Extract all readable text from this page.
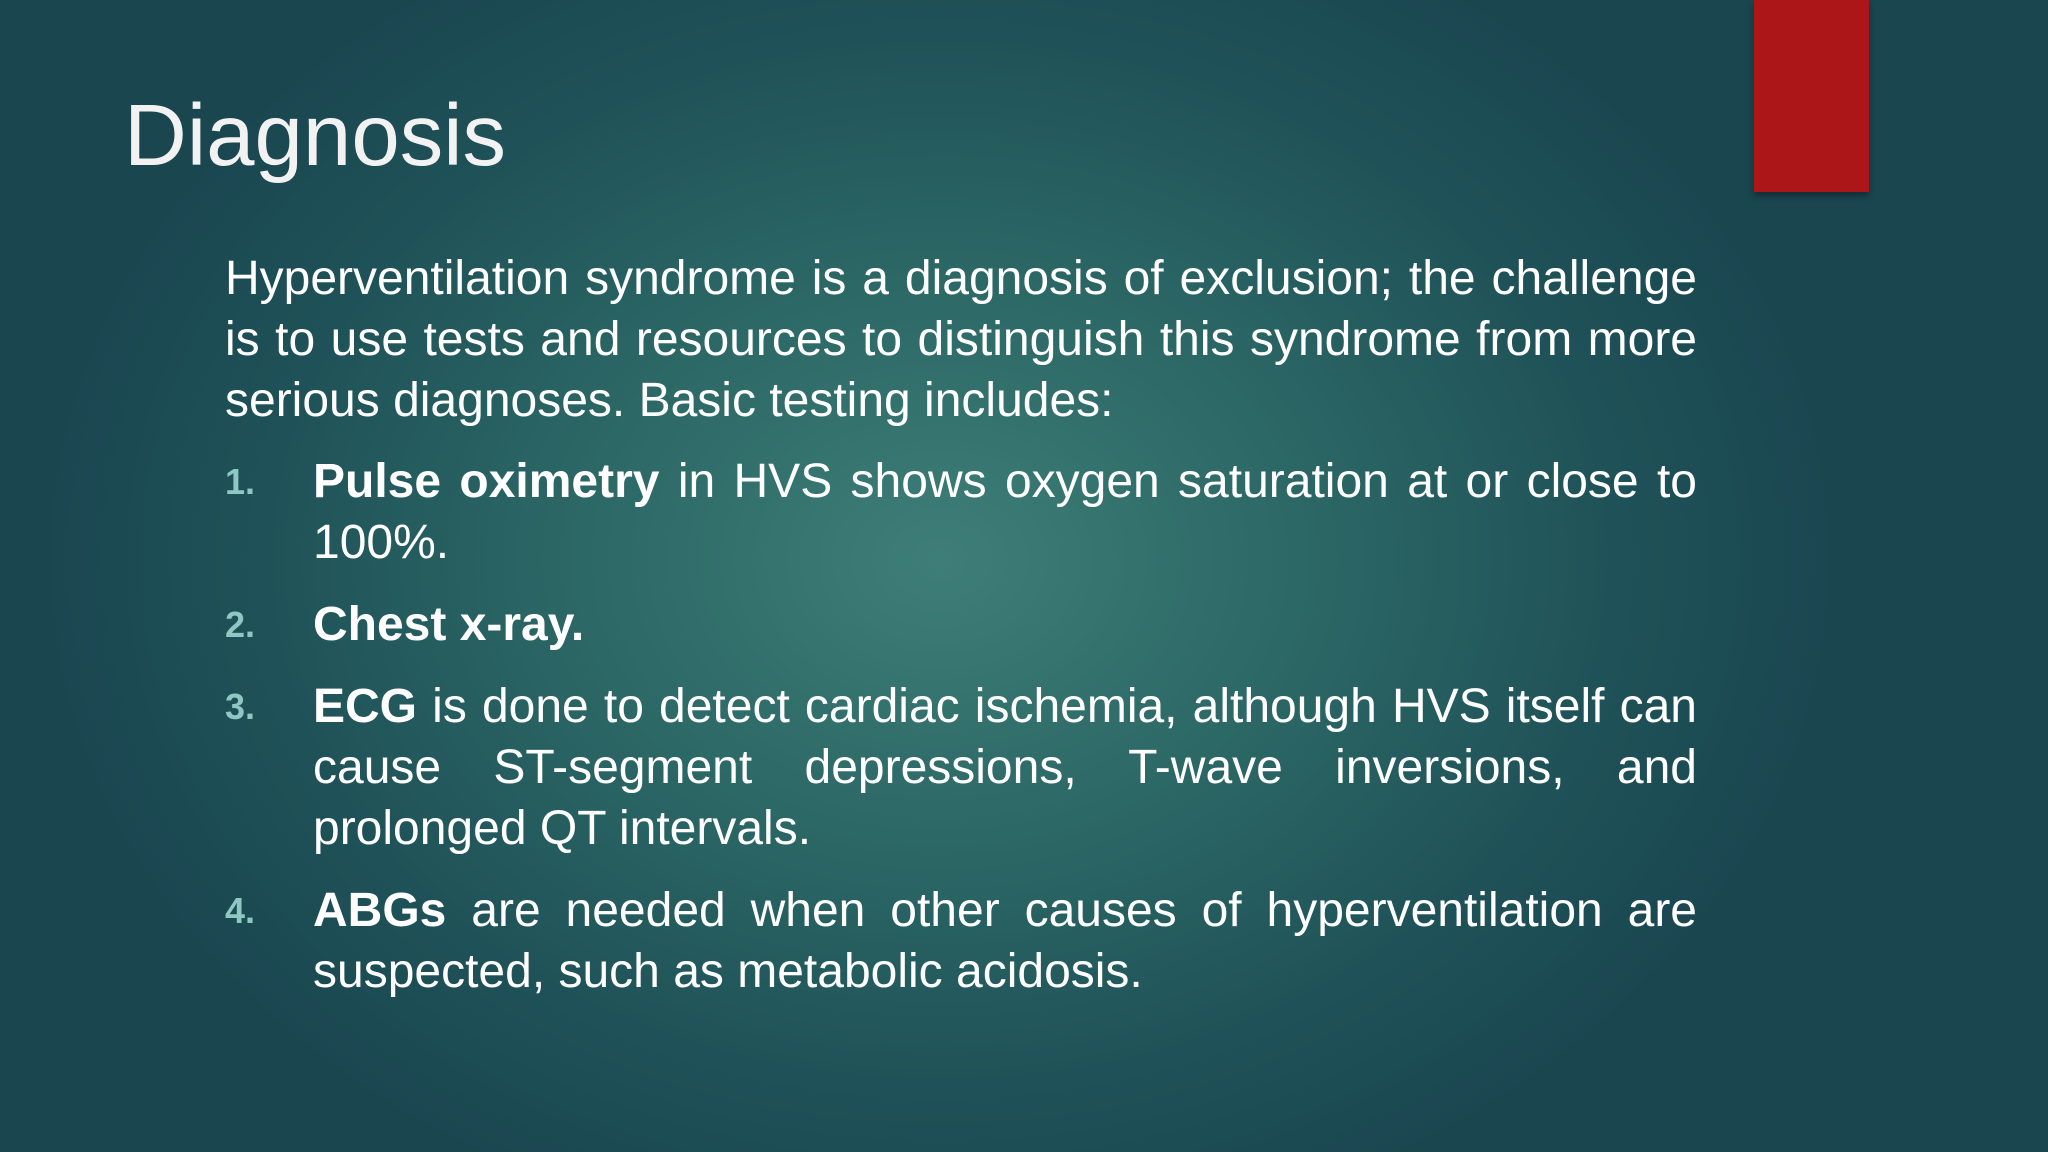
Diagnosis

Hyperventilation syndrome is a diagnosis of exclusion; the challenge is to use tests and resources to distinguish this syndrome from more serious diagnoses. Basic testing includes:

1. Pulse oximetry in HVS shows oxygen saturation at or close to 100%.
2. Chest x-ray.
3. ECG is done to detect cardiac ischemia, although HVS itself can cause ST-segment depressions, T-wave inversions, and prolonged QT intervals.
4. ABGs are needed when other causes of hyperventilation are suspected, such as metabolic acidosis.
